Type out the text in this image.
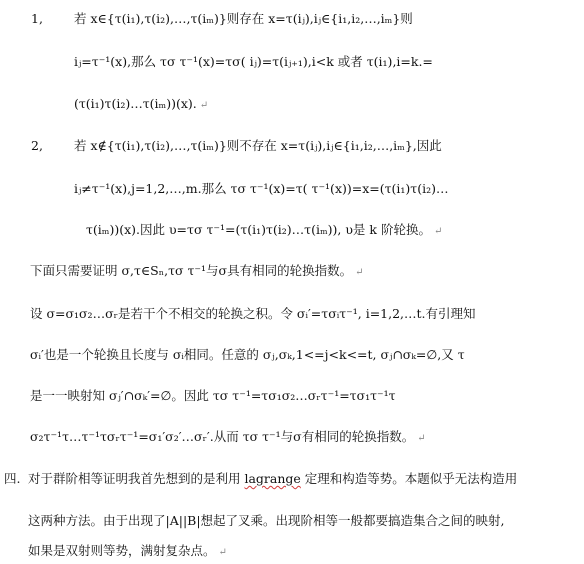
1, 若 x∈{τ(i₁),τ(i₂),…,τ(iₘ)}则存在 x=τ(iⱼ),iⱼ∈{i₁,i₂,…,iₘ}则
iⱼ=τ⁻¹(x),那么 τσ τ⁻¹(x)=τσ( iⱼ)=τ(iⱼ₊₁),i<k 或者 τ(i₁),i=k.=
(τ(i₁)τ(i₂)…τ(iₘ))(x). ↵
2, 若 x∉{τ(i₁),τ(i₂),…,τ(iₘ)}则不存在 x=τ(iⱼ),iⱼ∈{i₁,i₂,…,iₘ},因此
iⱼ≠τ⁻¹(x),j=1,2,…,m.那么 τσ τ⁻¹(x)=τ( τ⁻¹(x))=x=(τ(i₁)τ(i₂)…
τ(iₘ))(x).因此 υ=τσ τ⁻¹=(τ(i₁)τ(i₂)…τ(iₘ)), υ是 k 阶轮换。 ↵
下面只需要证明 σ,τ∈Sₙ,τσ τ⁻¹与σ具有相同的轮换指数。 ↵
设 σ=σ₁σ₂…σᵣ是若干个不相交的轮换之积。令 σᵢ′=τσᵢτ⁻¹, i=1,2,…t.有引理知
σᵢ′也是一个轮换且长度与 σᵢ相同。任意的 σⱼ,σₖ,1<=j<k<=t, σⱼ∩σₖ=∅,又 τ
是一一映射知 σⱼ′∩σₖ′=∅。因此 τσ τ⁻¹=τσ₁σ₂…σᵣτ⁻¹=τσ₁τ⁻¹τ
σ₂τ⁻¹τ…τ⁻¹τσᵣτ⁻¹=σ₁′σ₂′…σᵣ′.从而 τσ τ⁻¹与σ有相同的轮换指数。 ↵
四. 对于群阶相等证明我首先想到的是利用 lagrange 定理和构造等势。本题似乎无法构造用
这两种方法。由于出现了|A||B|想起了叉乘。出现阶相等一般都要搞造集合之间的映射,
如果是双射则等势，满射复杂点。 ↵
